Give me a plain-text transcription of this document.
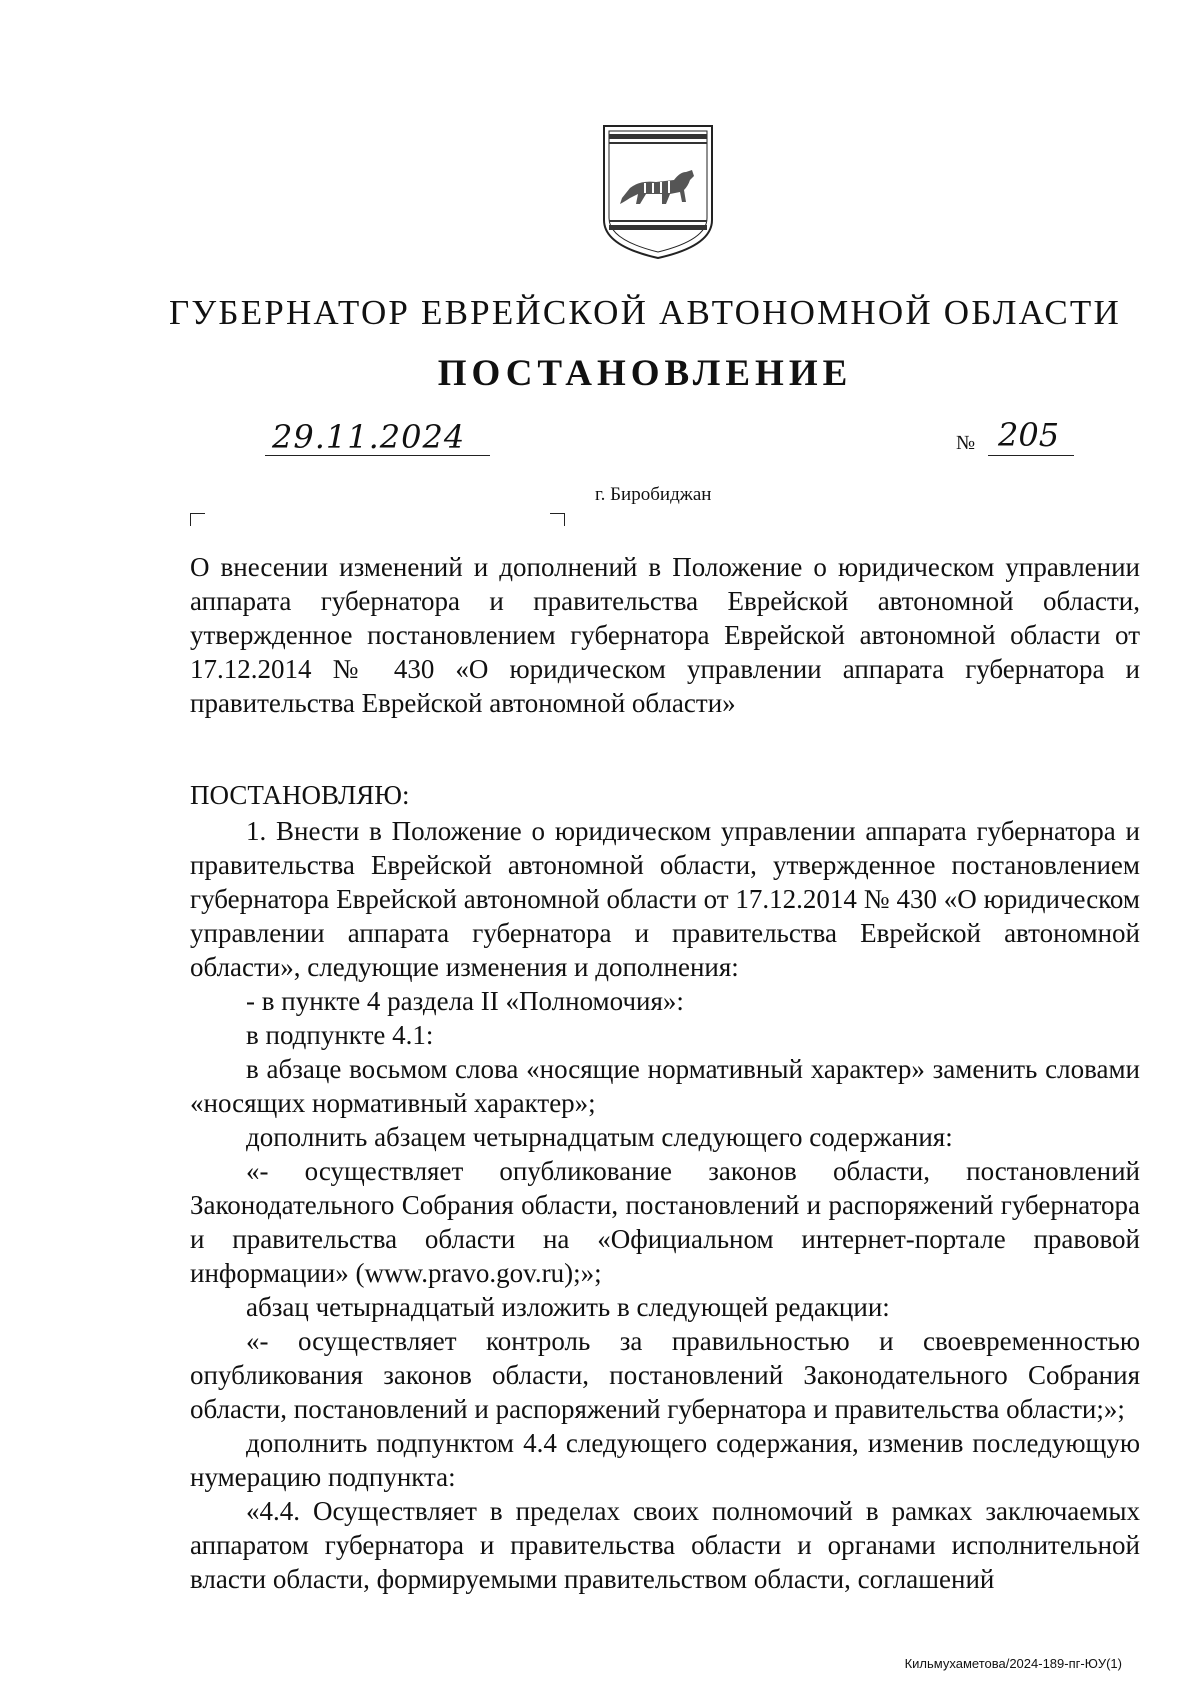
ГУБЕРНАТОР ЕВРЕЙСКОЙ АВТОНОМНОЙ ОБЛАСТИ
ПОСТАНОВЛЕНИЕ
29.11.2024	№ 205
г. Биробиджан
О внесении изменений и дополнений в Положение о юридическом управлении аппарата губернатора и правительства Еврейской автономной области, утвержденное постановлением губернатора Еврейской автономной области от 17.12.2014 № 430 «О юридическом управлении аппарата губернатора и правительства Еврейской автономной области»
ПОСТАНОВЛЯЮ:

1. Внести в Положение о юридическом управлении аппарата губернатора и правительства Еврейской автономной области, утвержденное постановлением губернатора Еврейской автономной области от 17.12.2014 № 430 «О юридическом управлении аппарата губернатора и правительства Еврейской автономной области», следующие изменения и дополнения:

- в пункте 4 раздела II «Полномочия»:

в подпункте 4.1:

в абзаце восьмом слова «носящие нормативный характер» заменить словами «носящих нормативный характер»;

дополнить абзацем четырнадцатым следующего содержания:

«- осуществляет опубликование законов области, постановлений Законодательного Собрания области, постановлений и распоряжений губернатора и правительства области на «Официальном интернет-портале правовой информации» (www.pravo.gov.ru);»;

абзац четырнадцатый изложить в следующей редакции:

«- осуществляет контроль за правильностью и своевременностью опубликования законов области, постановлений Законодательного Собрания области, постановлений и распоряжений губернатора и правительства области;»;

дополнить подпунктом 4.4 следующего содержания, изменив последующую нумерацию подпункта:

«4.4. Осуществляет в пределах своих полномочий в рамках заключаемых аппаратом губернатора и правительства области и органами исполнительной власти области, формируемыми правительством области, соглашений

Кильмухаметова/2024-189-пг-ЮУ(1)
